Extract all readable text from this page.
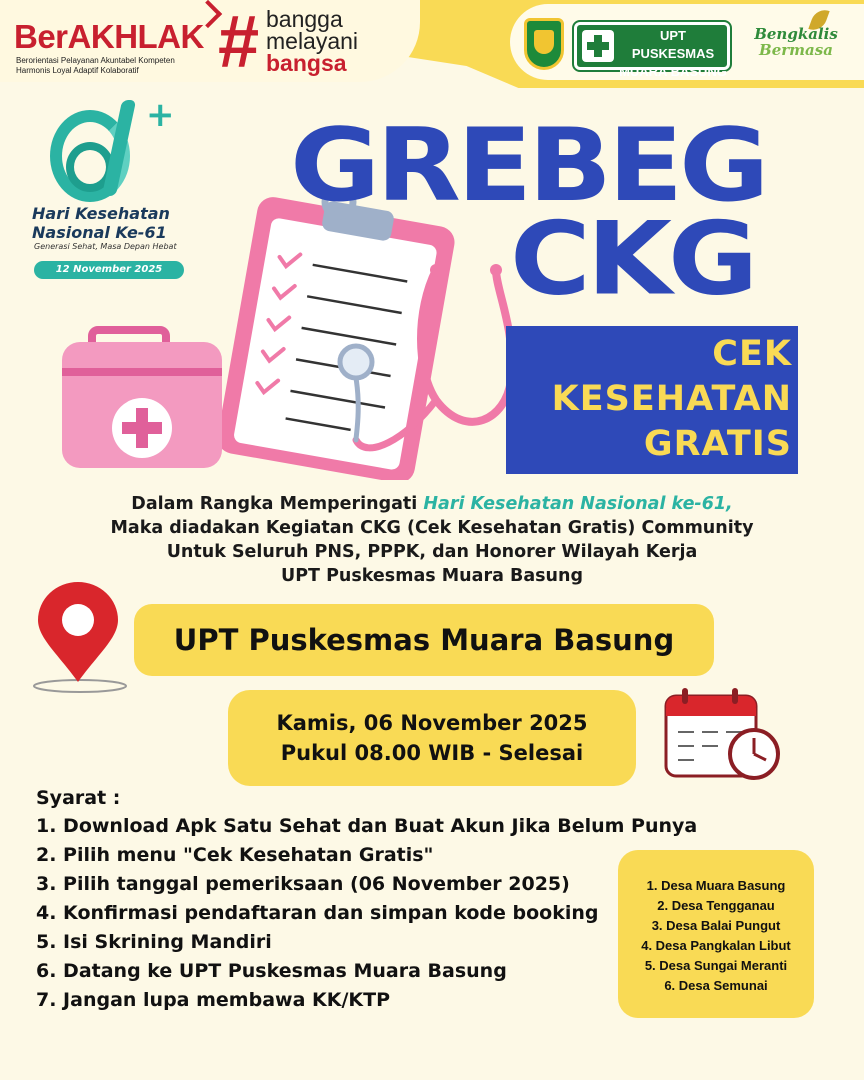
BerAKHLAK
Berorientasi Pelayanan Akuntabel Kompeten
Harmonis Loyal Adaptif Kolaboratif	# bangga
melayani
bangsa
UPT PUSKESMAS
MUARA BASUNG
Bengkalis
Bermasa
+
Hari Kesehatan
Nasional Ke-61
Generasi Sehat, Masa Depan Hebat
12 November 2025
GREBEG
CKG
CEK
KESEHATAN
GRATIS
Dalam Rangka Memperingati Hari Kesehatan Nasional ke-61,
Maka diadakan Kegiatan CKG (Cek Kesehatan Gratis) Community
Untuk Seluruh PNS, PPPK, dan Honorer Wilayah Kerja
UPT Puskesmas Muara Basung
UPT Puskesmas Muara Basung
Kamis, 06 November 2025
Pukul 08.00 WIB - Selesai
Syarat :
1. Download Apk Satu Sehat dan Buat Akun Jika Belum Punya
2. Pilih menu "Cek Kesehatan Gratis"
3. Pilih tanggal pemeriksaan (06 November 2025)
4. Konfirmasi pendaftaran dan simpan kode booking
5. Isi Skrining Mandiri
6. Datang ke UPT Puskesmas Muara Basung
7. Jangan lupa membawa KK/KTP
1. Desa Muara Basung
2. Desa Tengganau
3. Desa Balai Pungut
4. Desa Pangkalan Libut
5. Desa Sungai Meranti
6. Desa Semunai
